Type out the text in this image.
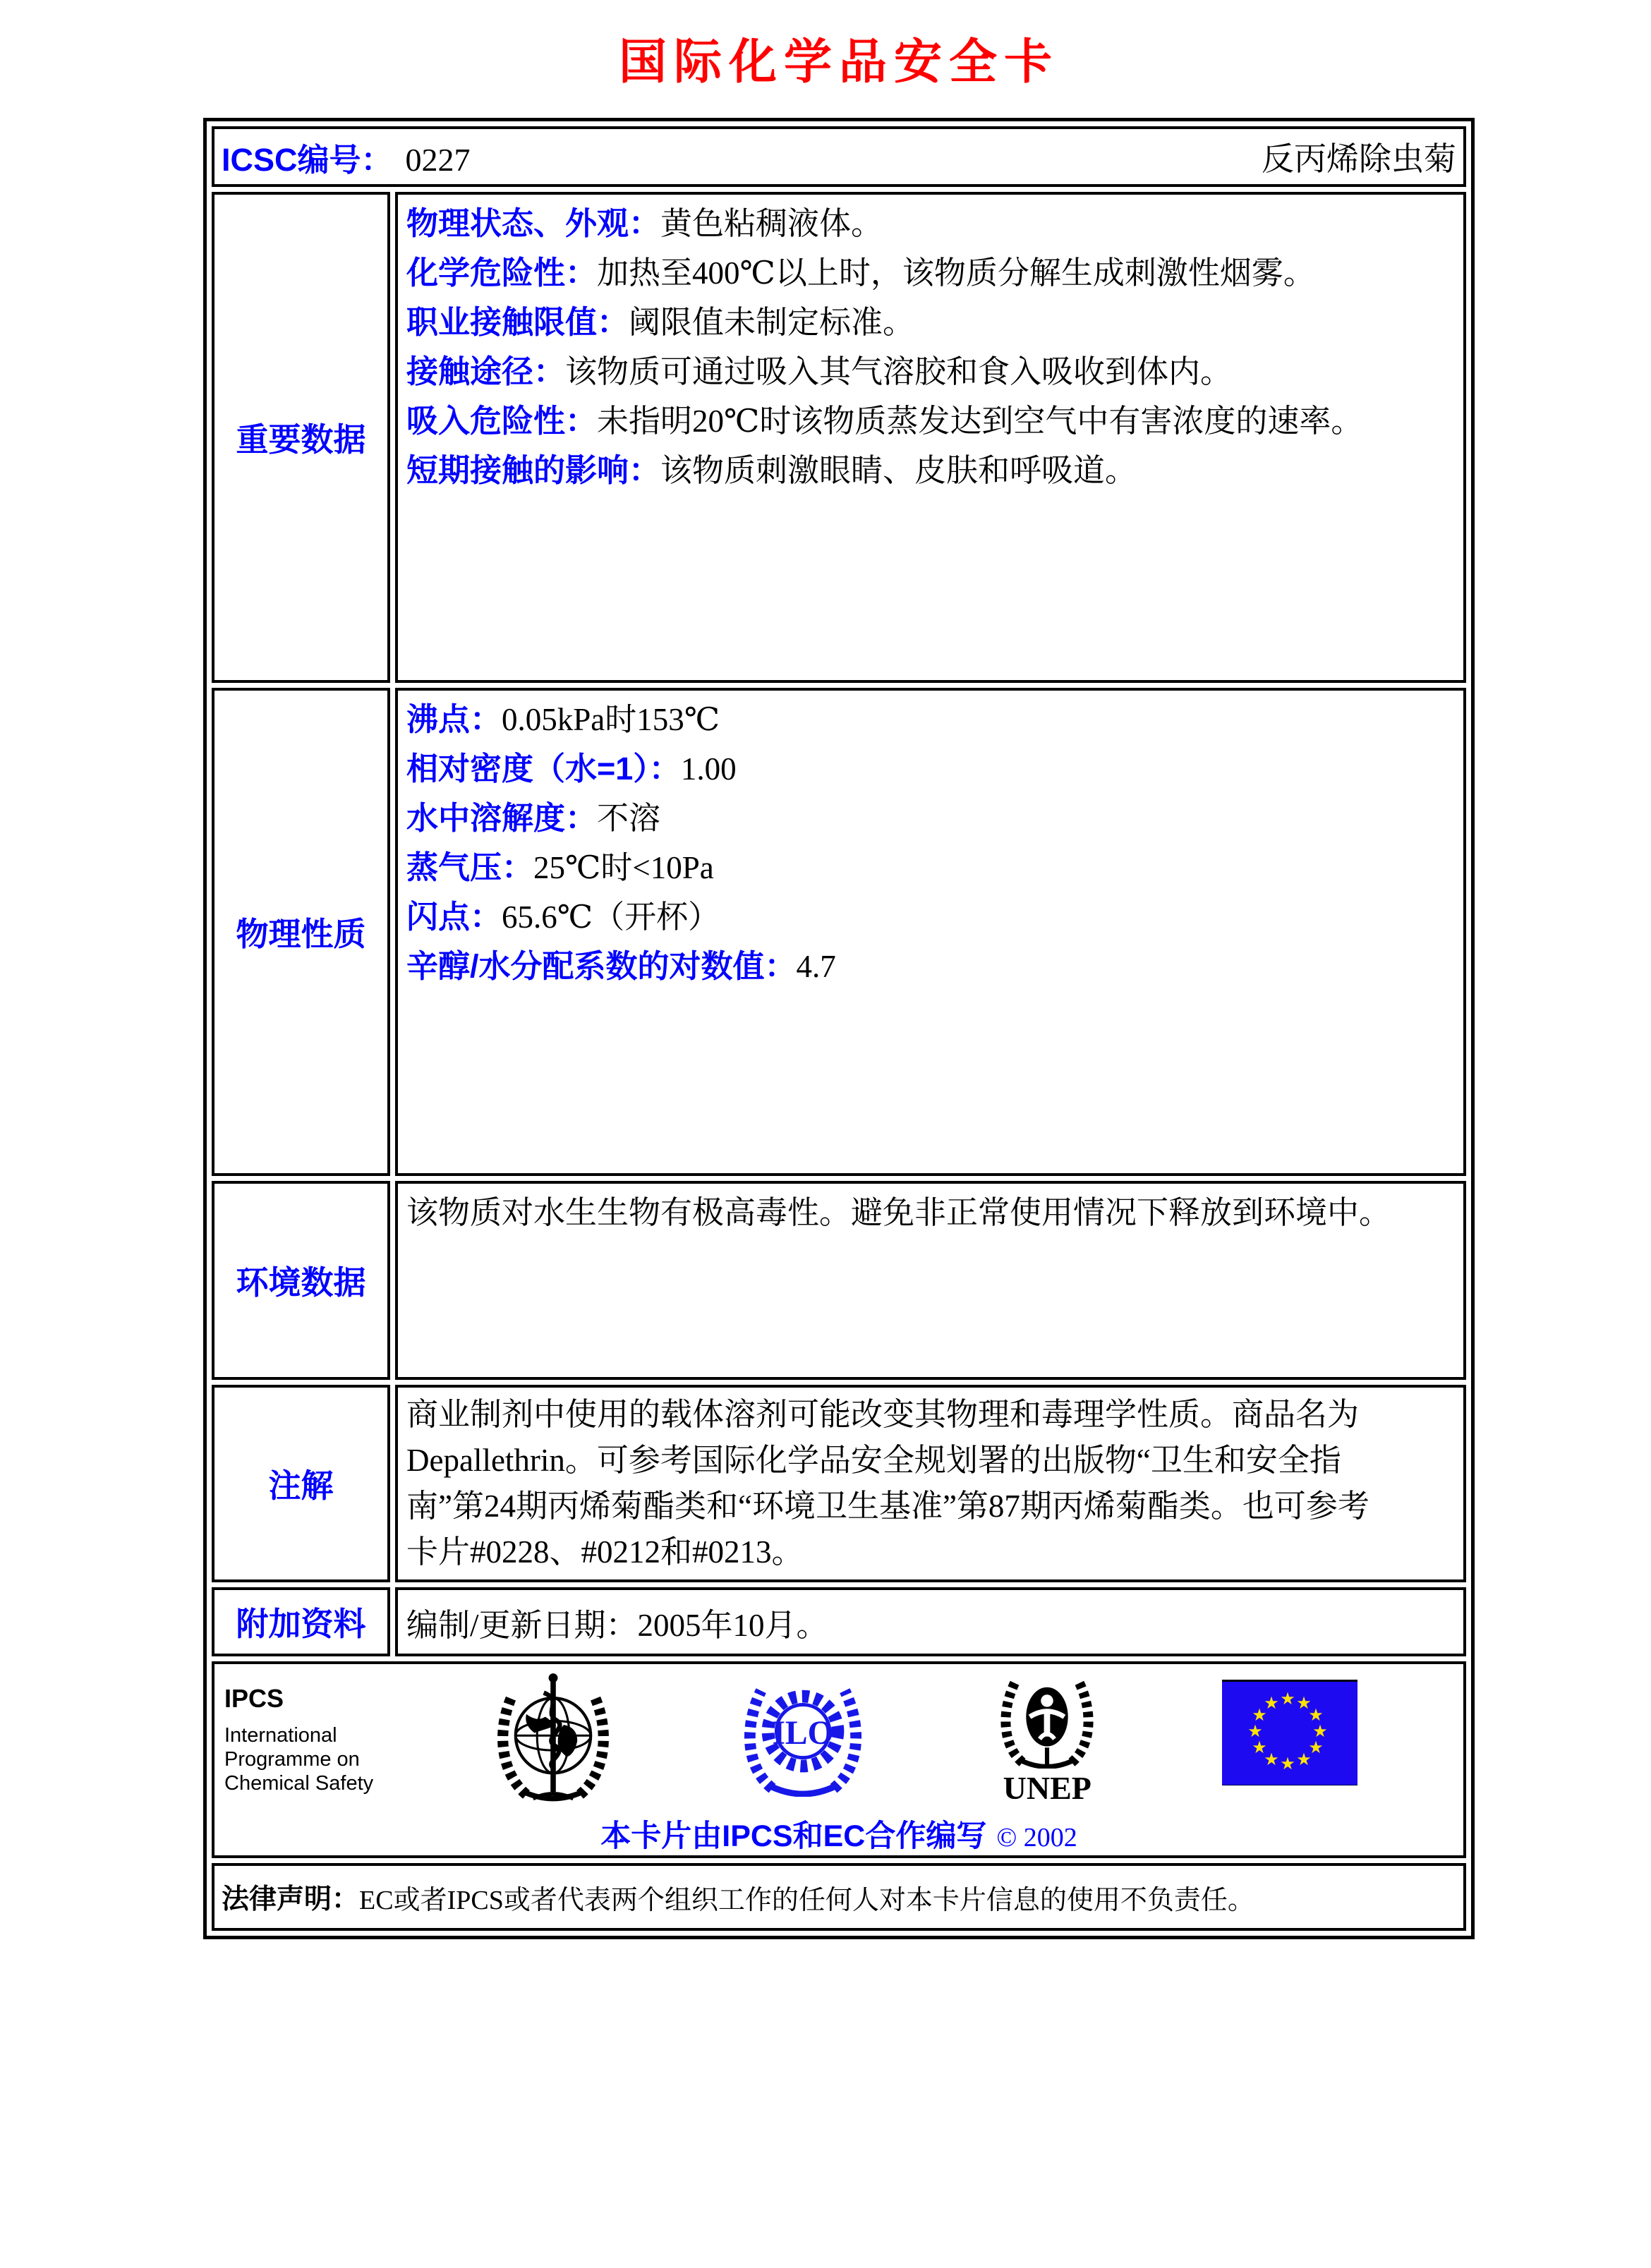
国际化学品安全卡
ICSC编号： 0227 反丙烯除虫菊	

重要数据	
物理状态、外观：黄色粘稠液体。
化学危险性：加热至400℃以上时，该物质分解生成刺激性烟雾。
职业接触限值：阈限值未制定标准。
接触途径：该物质可通过吸入其气溶胶和食入吸收到体内。
吸入危险性：未指明20℃时该物质蒸发达到空气中有害浓度的速率。
短期接触的影响：该物质刺激眼睛、皮肤和呼吸道。

物理性质	
沸点：0.05kPa时153℃
相对密度（水=1）：1.00
水中溶解度：不溶
蒸气压：25℃时<10Pa
闪点：65.6℃（开杯）
辛醇/水分配系数的对数值：4.7

环境数据	该物质对水生生物有极高毒性。避免非正常使用情况下释放到环境中。

注解	商业制剂中使用的载体溶剂可能改变其物理和毒理学性质。商品名为Depallethrin。可参考国际化学品安全规划署的出版物“卫生和安全指南”第24期丙烯菊酯类和“环境卫生基准”第87期丙烯菊酯类。也可参考卡片#0228、#0212和#0213。

附加资料	编制/更新日期：2005年10月。

IPCS
International
Programme on
Chemical Safety
ILO
UNEP
★ ★
★
★
★
★
★
★
★
★
★
★
本卡片由IPCS和EC合作编写 © 2002

法律声明： EC或者IPCS或者代表两个组织工作的任何人对本卡片信息的使用不负责任。	
